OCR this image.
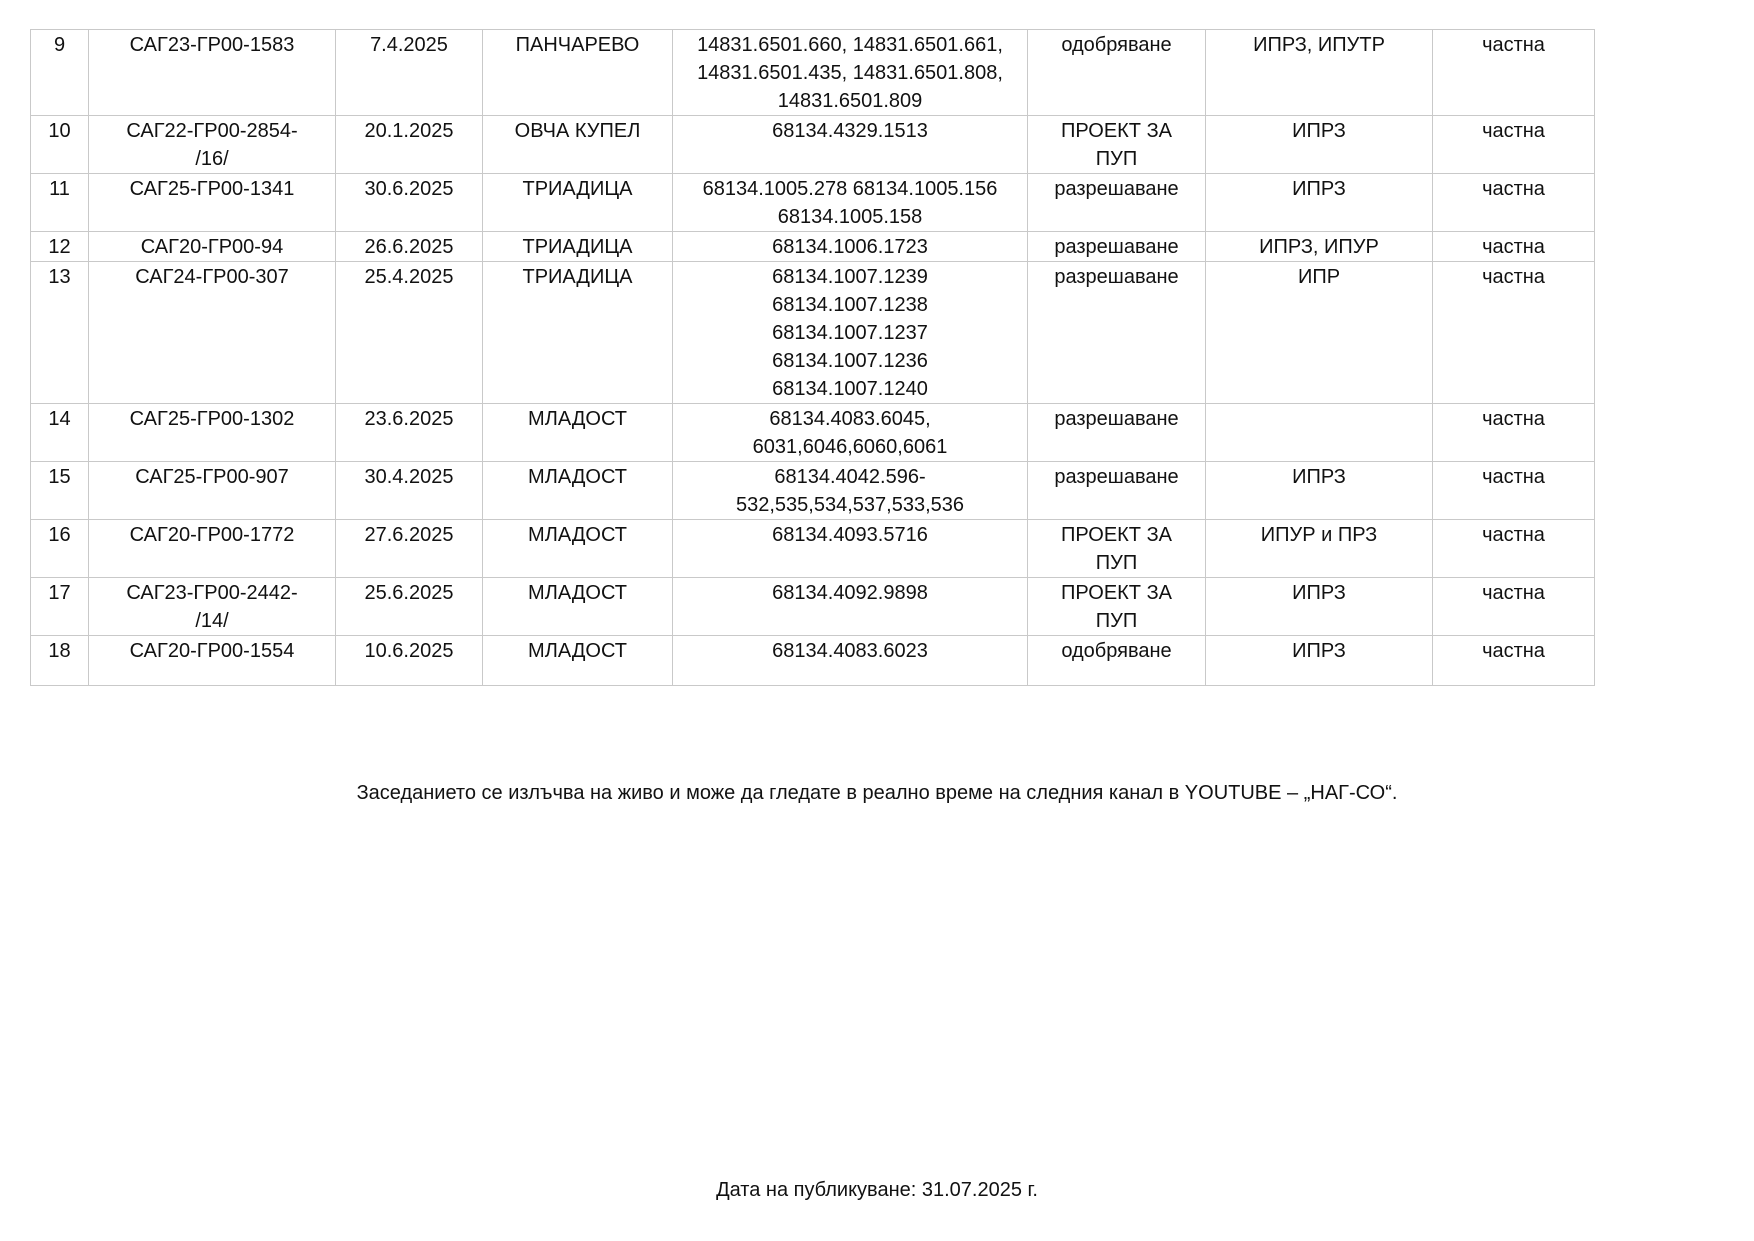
9	САГ23-ГР00-1583	7.4.2025	ПАНЧАРЕВО	14831.6501.660, 14831.6501.661,
14831.6501.435, 14831.6501.808,
14831.6501.809	одобряване	ИПРЗ, ИПУТР	частна
10	САГ22-ГР00-2854-
/16/	20.1.2025	ОВЧА КУПЕЛ	68134.4329.1513	ПРОЕКТ ЗА
ПУП	ИПРЗ	частна
11	САГ25-ГР00-1341	30.6.2025	ТРИАДИЦА	68134.1005.278 68134.1005.156
68134.1005.158	разрешаване	ИПРЗ	частна
12	САГ20-ГР00-94	26.6.2025	ТРИАДИЦА	68134.1006.1723	разрешаване	ИПРЗ, ИПУР	частна
13	САГ24-ГР00-307	25.4.2025	ТРИАДИЦА	68134.1007.1239
68134.1007.1238
68134.1007.1237
68134.1007.1236
68134.1007.1240	разрешаване	ИПР	частна
14	САГ25-ГР00-1302	23.6.2025	МЛАДОСТ	68134.4083.6045,
6031,6046,6060,6061	разрешаване		частна
15	САГ25-ГР00-907	30.4.2025	МЛАДОСТ	68134.4042.596-
532,535,534,537,533,536	разрешаване	ИПРЗ	частна
16	САГ20-ГР00-1772	27.6.2025	МЛАДОСТ	68134.4093.5716	ПРОЕКТ ЗА
ПУП	ИПУР и ПРЗ	частна
17	САГ23-ГР00-2442-
/14/	25.6.2025	МЛАДОСТ	68134.4092.9898	ПРОЕКТ ЗА
ПУП	ИПРЗ	частна
18	САГ20-ГР00-1554	10.6.2025	МЛАДОСТ	68134.4083.6023	одобряване	ИПРЗ	частна
Заседанието се излъчва на живо и може да гледате в реално време на следния канал в YOUTUBE – „НАГ-СО“.
Дата на публикуване: 31.07.2025 г.
